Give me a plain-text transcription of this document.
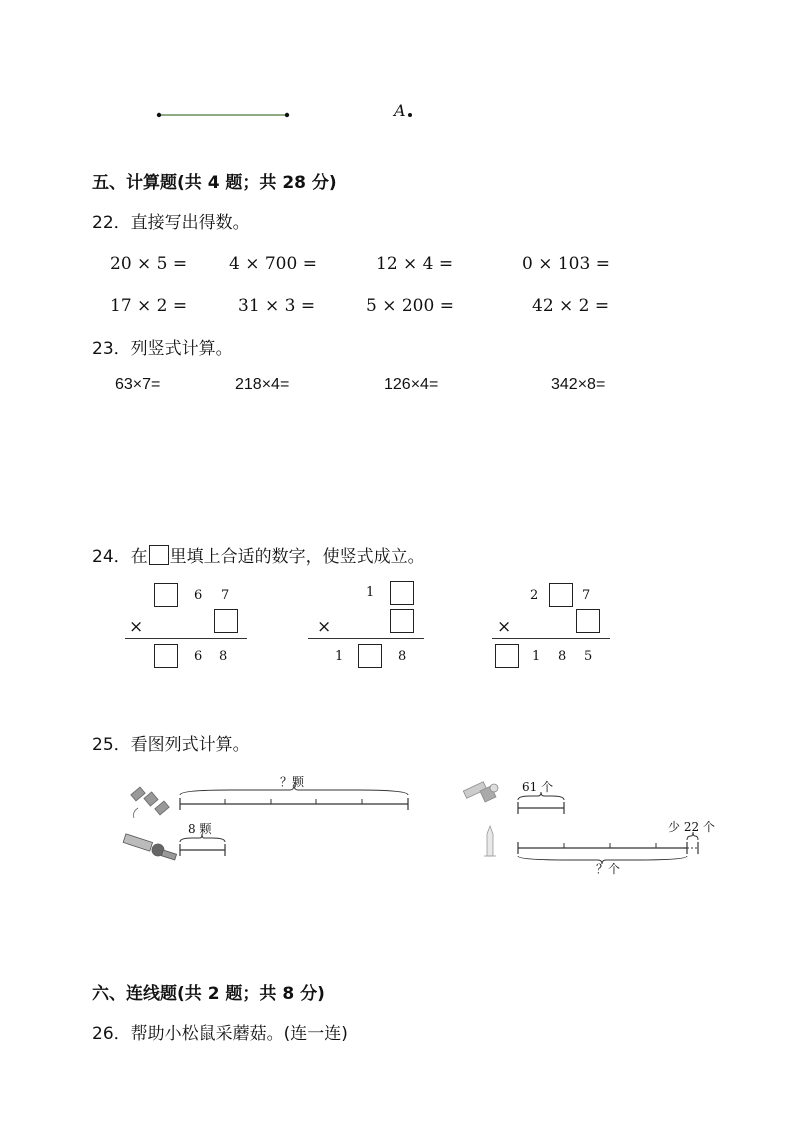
A
五、计算题(共 4 题；共 28 分)
22．直接写出得数。
20 × 5 = 4 × 700 =	12 × 4 =	0 × 103 =
17 × 2 =	31 × 3 =	5 × 200 =	42 × 2 =
23．列竖式计算。
63×7=	218×4=	126×4=	342×8=
24．在 里填上合适的数字，使竖式成立。
6 7
×
6 8
1
×
1	8
2	7
×
1 8 5
25．看图列式计算。
？颗
8 颗
61 个
少 22 个
？个
六、连线题(共 2 题；共 8 分)
26．帮助小松鼠采蘑菇。(连一连)
